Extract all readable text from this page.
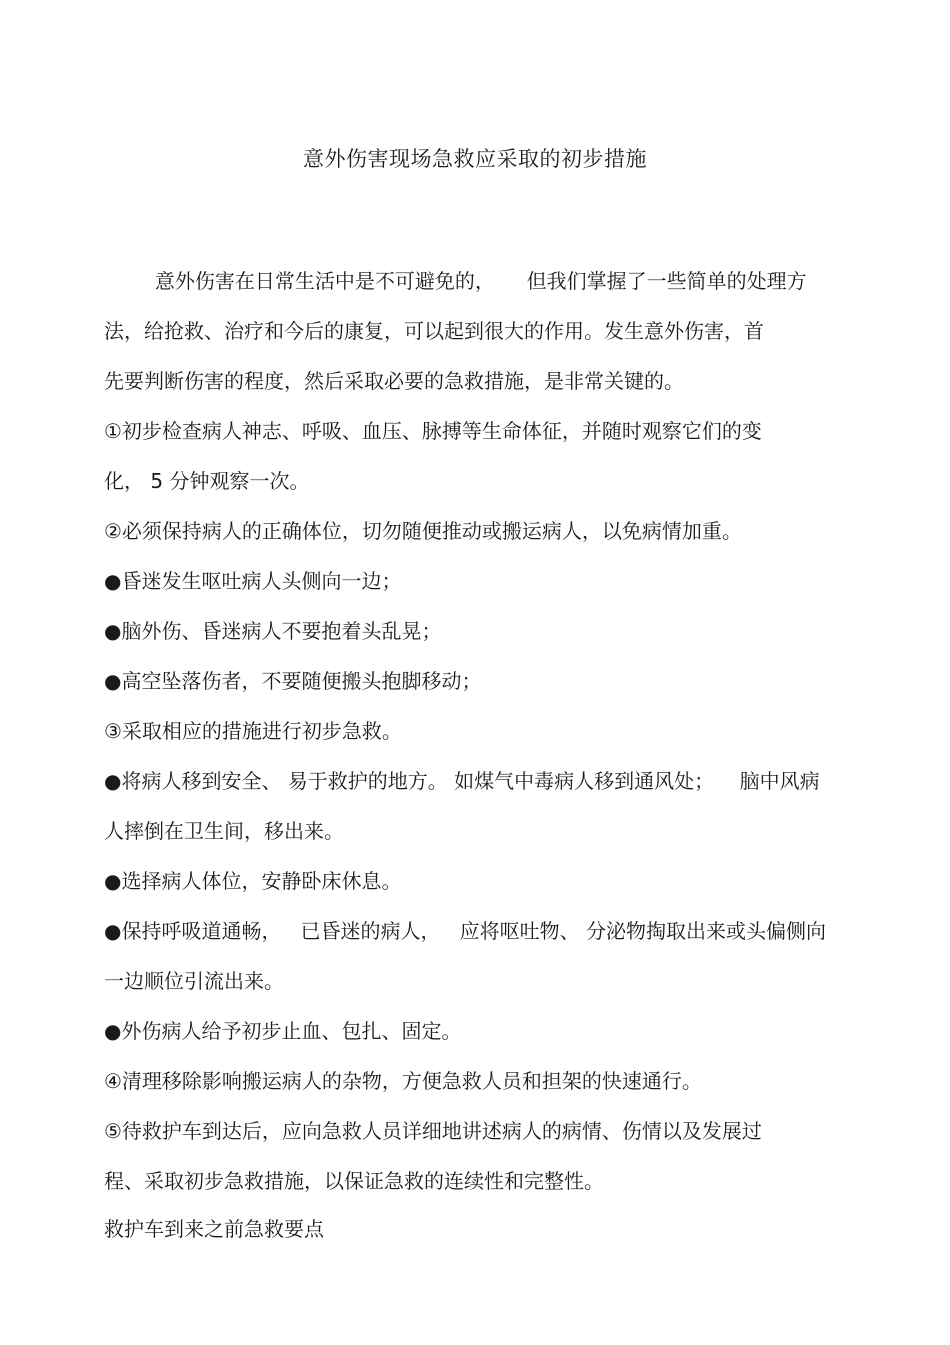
意外伤害现场急救应采取的初步措施
意外伤害在日常生活中是不可避免的，     但我们掌握了一些简单的处理方
法，给抢救、治疗和今后的康复，可以起到很大的作用。发生意外伤害，首
先要判断伤害的程度，然后采取必要的急救措施，是非常关键的。
①初步检查病人神志、呼吸、血压、脉搏等生命体征，并随时观察它们的变
化， 5 分钟观察一次。
②必须保持病人的正确体位，切勿随便推动或搬运病人，以免病情加重。
●昏迷发生呕吐病人头侧向一边；
●脑外伤、昏迷病人不要抱着头乱晃；
●高空坠落伤者，不要随便搬头抱脚移动；
③采取相应的措施进行初步急救。
●将病人移到安全、 易于救护的地方。 如煤气中毒病人移到通风处；    脑中风病
人摔倒在卫生间，移出来。
●选择病人体位，安静卧床休息。
●保持呼吸道通畅，   已昏迷的病人，   应将呕吐物、 分泌物掏取出来或头偏侧向
一边顺位引流出来。
●外伤病人给予初步止血、包扎、固定。
④清理移除影响搬运病人的杂物，方便急救人员和担架的快速通行。
⑤待救护车到达后，应向急救人员详细地讲述病人的病情、伤情以及发展过
程、采取初步急救措施，以保证急救的连续性和完整性。
救护车到来之前急救要点
